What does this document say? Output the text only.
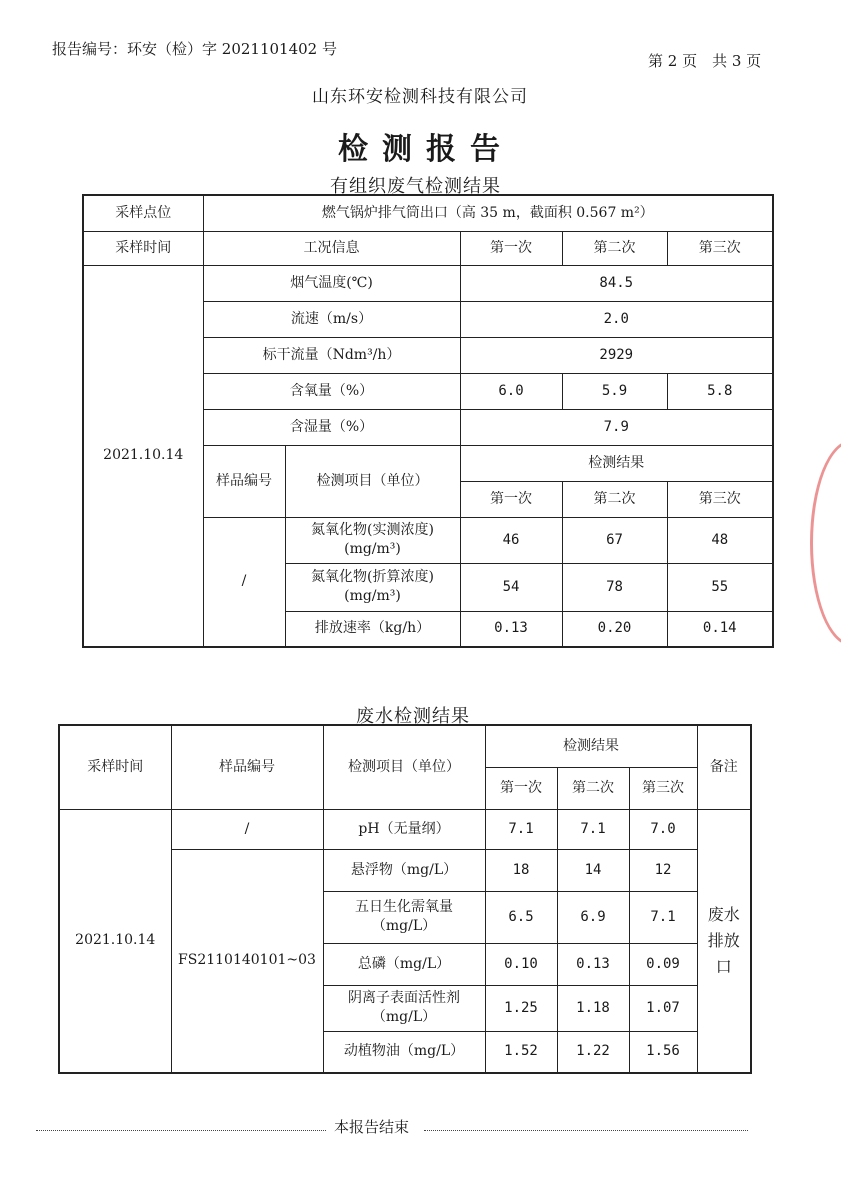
报告编号：环安（检）字 2021101402 号
第 2 页　共 3 页
山东环安检测科技有限公司
检测报告
有组织废气检测结果
采样点位	燃气锅炉排气筒出口（高 35 m，截面积 0.567 m²）				
采样时间	工况信息		第一次	第二次	第三次
2021.10.14	烟气温度(℃)		84.5		
	流速（m/s）		2.0		
	标干流量（Ndm³/h）		2929		
	含氧量（%）		6.0	5.9	5.8
	含湿量（%）		7.9		
	样品编号	检测项目（单位）	检测结果		
			第一次	第二次	第三次
	/	氮氧化物(实测浓度)
(mg/m³)	46	67	48
		氮氧化物(折算浓度)
(mg/m³)	54	78	55
		排放速率（kg/h）	0.13	0.20	0.14
废水检测结果
采样时间	样品编号	检测项目（单位）	检测结果			备注
			第一次	第二次	第三次	
2021.10.14	/	pH（无量纲）	7.1	7.1	7.0	废水排放口

	FS2110140101~03	悬浮物（mg/L）	18	14	12	
		五日生化需氧量
（mg/L）	6.5	6.9	7.1	
		总磷（mg/L）	0.10	0.13	0.09	
		阴离子表面活性剂
（mg/L）	1.25	1.18	1.07	
		动植物油（mg/L）	1.52	1.22	1.56	
本报告结束
